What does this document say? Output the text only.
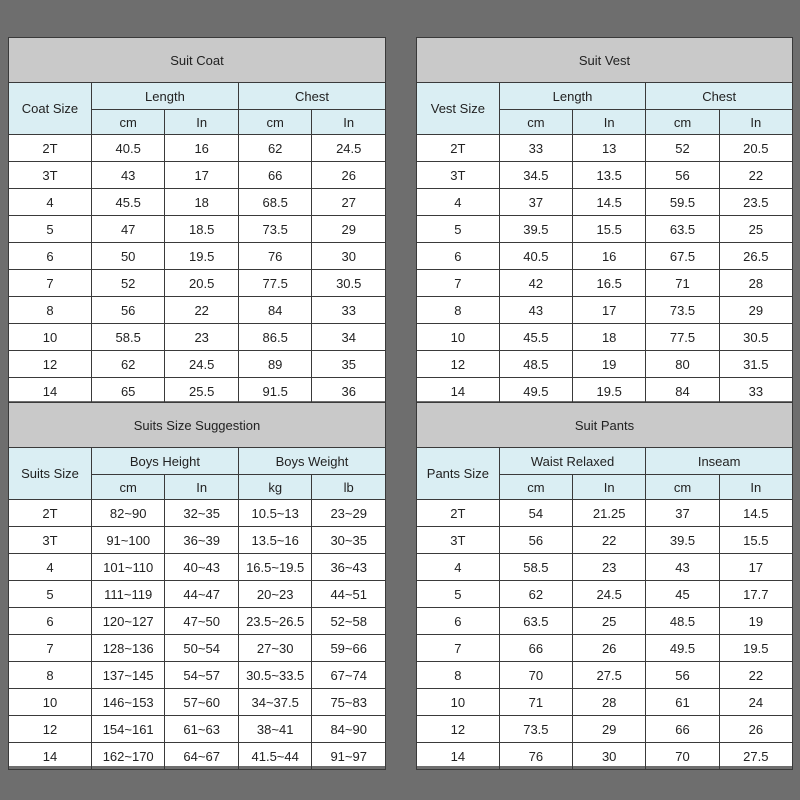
Suit Coat				
Coat Size	Length		Chest	
	cm	In	cm	In
2T	40.5	16	62	24.5
3T	43	17	66	26
4	45.5	18	68.5	27
5	47	18.5	73.5	29
6	50	19.5	76	30
7	52	20.5	77.5	30.5
8	56	22	84	33
10	58.5	23	86.5	34
12	62	24.5	89	35
14	65	25.5	91.5	36
Suit Vest				
Vest Size	Length		Chest	
	cm	In	cm	In
2T	33	13	52	20.5
3T	34.5	13.5	56	22
4	37	14.5	59.5	23.5
5	39.5	15.5	63.5	25
6	40.5	16	67.5	26.5
7	42	16.5	71	28
8	43	17	73.5	29
10	45.5	18	77.5	30.5
12	48.5	19	80	31.5
14	49.5	19.5	84	33
Suits Size Suggestion				
Suits Size	Boys Height		Boys Weight	
	cm	In	kg	lb
2T	82~90	32~35	10.5~13	23~29
3T	91~100	36~39	13.5~16	30~35
4	101~110	40~43	16.5~19.5	36~43
5	111~119	44~47	20~23	44~51
6	120~127	47~50	23.5~26.5	52~58
7	128~136	50~54	27~30	59~66
8	137~145	54~57	30.5~33.5	67~74
10	146~153	57~60	34~37.5	75~83
12	154~161	61~63	38~41	84~90
14	162~170	64~67	41.5~44	91~97
Suit Pants				
Pants Size	Waist Relaxed		Inseam	
	cm	In	cm	In
2T	54	21.25	37	14.5
3T	56	22	39.5	15.5
4	58.5	23	43	17
5	62	24.5	45	17.7
6	63.5	25	48.5	19
7	66	26	49.5	19.5
8	70	27.5	56	22
10	71	28	61	24
12	73.5	29	66	26
14	76	30	70	27.5
